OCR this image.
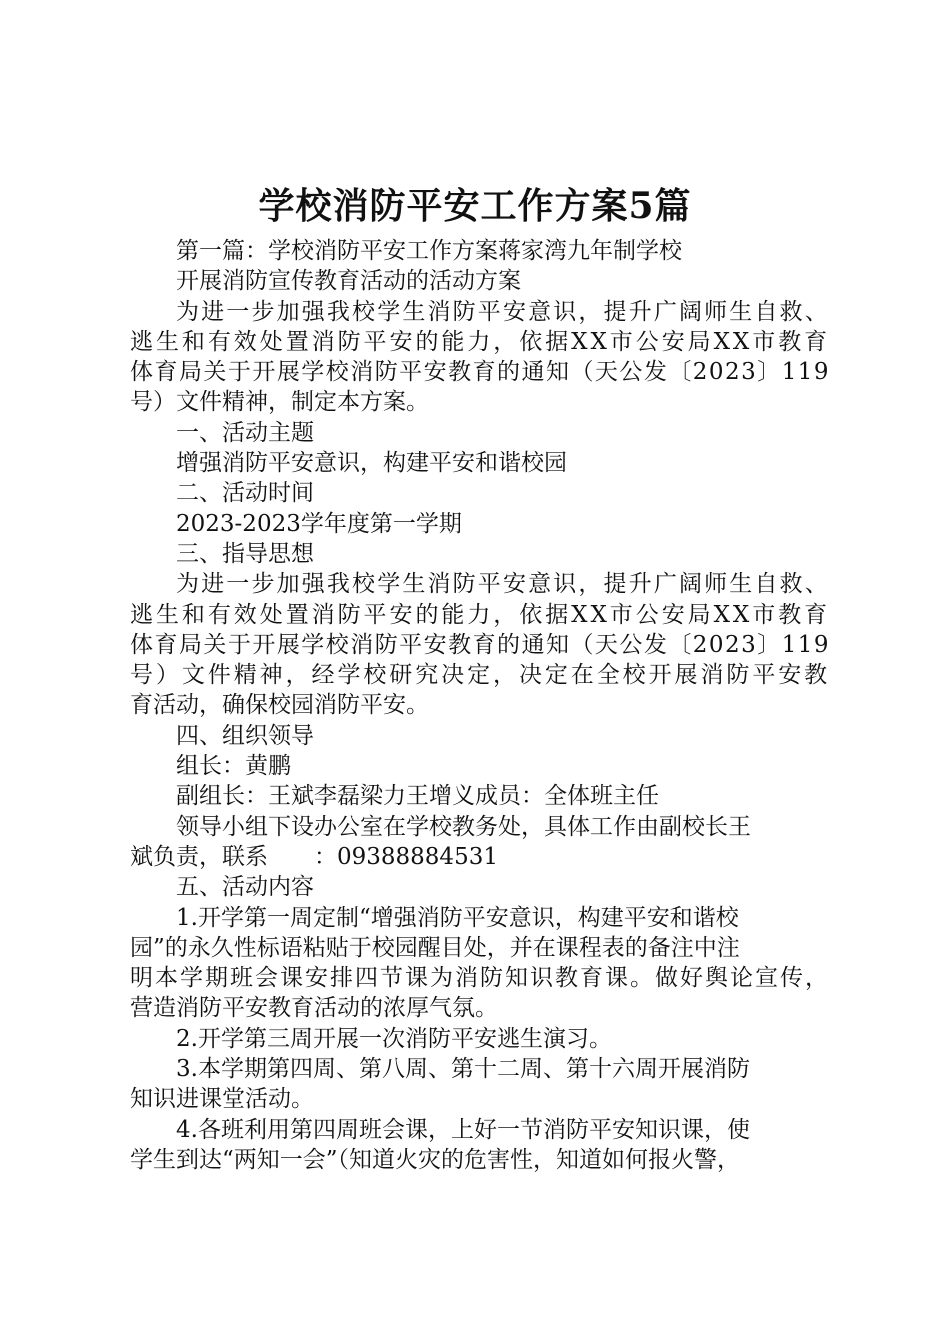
学校消防平安工作方案5篇
第一篇：学校消防平安工作方案蒋家湾九年制学校
开展消防宣传教育活动的活动方案
为进一步加强我校学生消防平安意识，提升广阔师生自救、
逃生和有效处置消防平安的能力，依据XX市公安局XX市教育
体育局关于开展学校消防平安教育的通知（天公发〔2023〕119
号）文件精神，制定本方案。
一、活动主题
增强消防平安意识，构建平安和谐校园
二、活动时间
2023-2023学年度第一学期
三、指导思想
为进一步加强我校学生消防平安意识，提升广阔师生自救、
逃生和有效处置消防平安的能力，依据XX市公安局XX市教育
体育局关于开展学校消防平安教育的通知（天公发〔2023〕119
号）文件精神，经学校研究决定，决定在全校开展消防平安教
育活动，确保校园消防平安。
四、组织领导
组长：黄鹏
副组长：王斌李磊梁力王增义成员：全体班主任
领导小组下设办公室在学校教务处，具体工作由副校长王
斌负责，联系　　：09388884531
五、活动内容
1.开学第一周定制“增强消防平安意识，构建平安和谐校
园”的永久性标语粘贴于校园醒目处，并在课程表的备注中注
明本学期班会课安排四节课为消防知识教育课。做好舆论宣传，
营造消防平安教育活动的浓厚气氛。
2.开学第三周开展一次消防平安逃生演习。
3.本学期第四周、第八周、第十二周、第十六周开展消防
知识进课堂活动。
4.各班利用第四周班会课，上好一节消防平安知识课，使
学生到达“两知一会”（知道火灾的危害性，知道如何报火警，
